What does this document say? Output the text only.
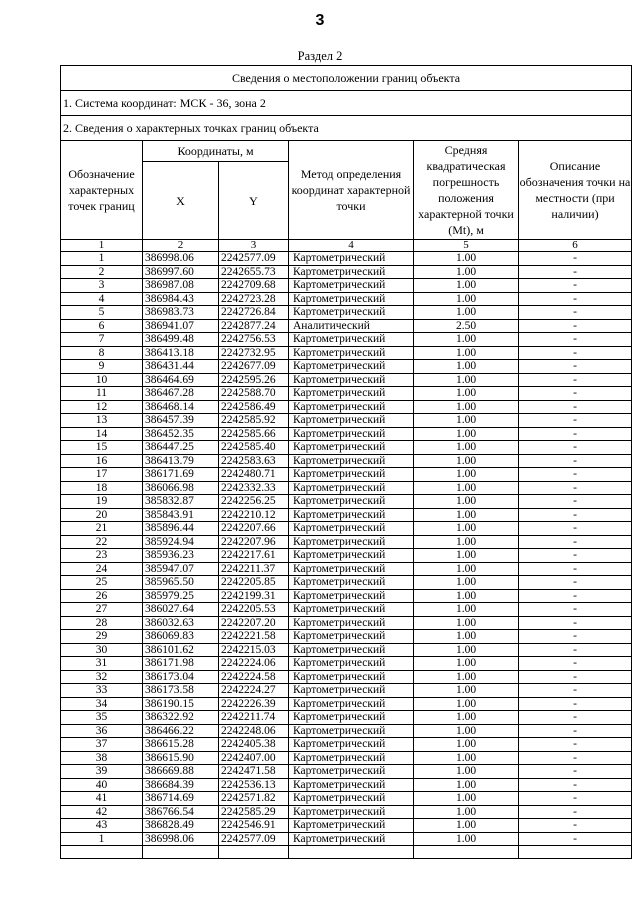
3
Раздел 2
Сведения о местоположении границ объекта					
1. Система координат: МСК - 36, зона 2					
2. Сведения о характерных точках границ объекта					
Обозначение характерных точек границ	Координаты, м		Метод определения координат характерной точки	Средняя квадратическая погрешность положения характерной точки (Mt), м	Описание обозначения точки на местности (при наличии)
	X	Y			
1	2	3	4	5	6
1	386998.06	2242577.09	Картометрический	1.00	-
2	386997.60	2242655.73	Картометрический	1.00	-
3	386987.08	2242709.68	Картометрический	1.00	-
4	386984.43	2242723.28	Картометрический	1.00	-
5	386983.73	2242726.84	Картометрический	1.00	-
6	386941.07	2242877.24	Аналитический	2.50	-
7	386499.48	2242756.53	Картометрический	1.00	-
8	386413.18	2242732.95	Картометрический	1.00	-
9	386431.44	2242677.09	Картометрический	1.00	-
10	386464.69	2242595.26	Картометрический	1.00	-
11	386467.28	2242588.70	Картометрический	1.00	-
12	386468.14	2242586.49	Картометрический	1.00	-
13	386457.39	2242585.92	Картометрический	1.00	-
14	386452.35	2242585.66	Картометрический	1.00	-
15	386447.25	2242585.40	Картометрический	1.00	-
16	386413.79	2242583.63	Картометрический	1.00	-
17	386171.69	2242480.71	Картометрический	1.00	-
18	386066.98	2242332.33	Картометрический	1.00	-
19	385832.87	2242256.25	Картометрический	1.00	-
20	385843.91	2242210.12	Картометрический	1.00	-
21	385896.44	2242207.66	Картометрический	1.00	-
22	385924.94	2242207.96	Картометрический	1.00	-
23	385936.23	2242217.61	Картометрический	1.00	-
24	385947.07	2242211.37	Картометрический	1.00	-
25	385965.50	2242205.85	Картометрический	1.00	-
26	385979.25	2242199.31	Картометрический	1.00	-
27	386027.64	2242205.53	Картометрический	1.00	-
28	386032.63	2242207.20	Картометрический	1.00	-
29	386069.83	2242221.58	Картометрический	1.00	-
30	386101.62	2242215.03	Картометрический	1.00	-
31	386171.98	2242224.06	Картометрический	1.00	-
32	386173.04	2242224.58	Картометрический	1.00	-
33	386173.58	2242224.27	Картометрический	1.00	-
34	386190.15	2242226.39	Картометрический	1.00	-
35	386322.92	2242211.74	Картометрический	1.00	-
36	386466.22	2242248.06	Картометрический	1.00	-
37	386615.28	2242405.38	Картометрический	1.00	-
38	386615.90	2242407.00	Картометрический	1.00	-
39	386669.88	2242471.58	Картометрический	1.00	-
40	386684.39	2242536.13	Картометрический	1.00	-
41	386714.69	2242571.82	Картометрический	1.00	-
42	386766.54	2242585.29	Картометрический	1.00	-
43	386828.49	2242546.91	Картометрический	1.00	-
1	386998.06	2242577.09	Картометрический	1.00	-
